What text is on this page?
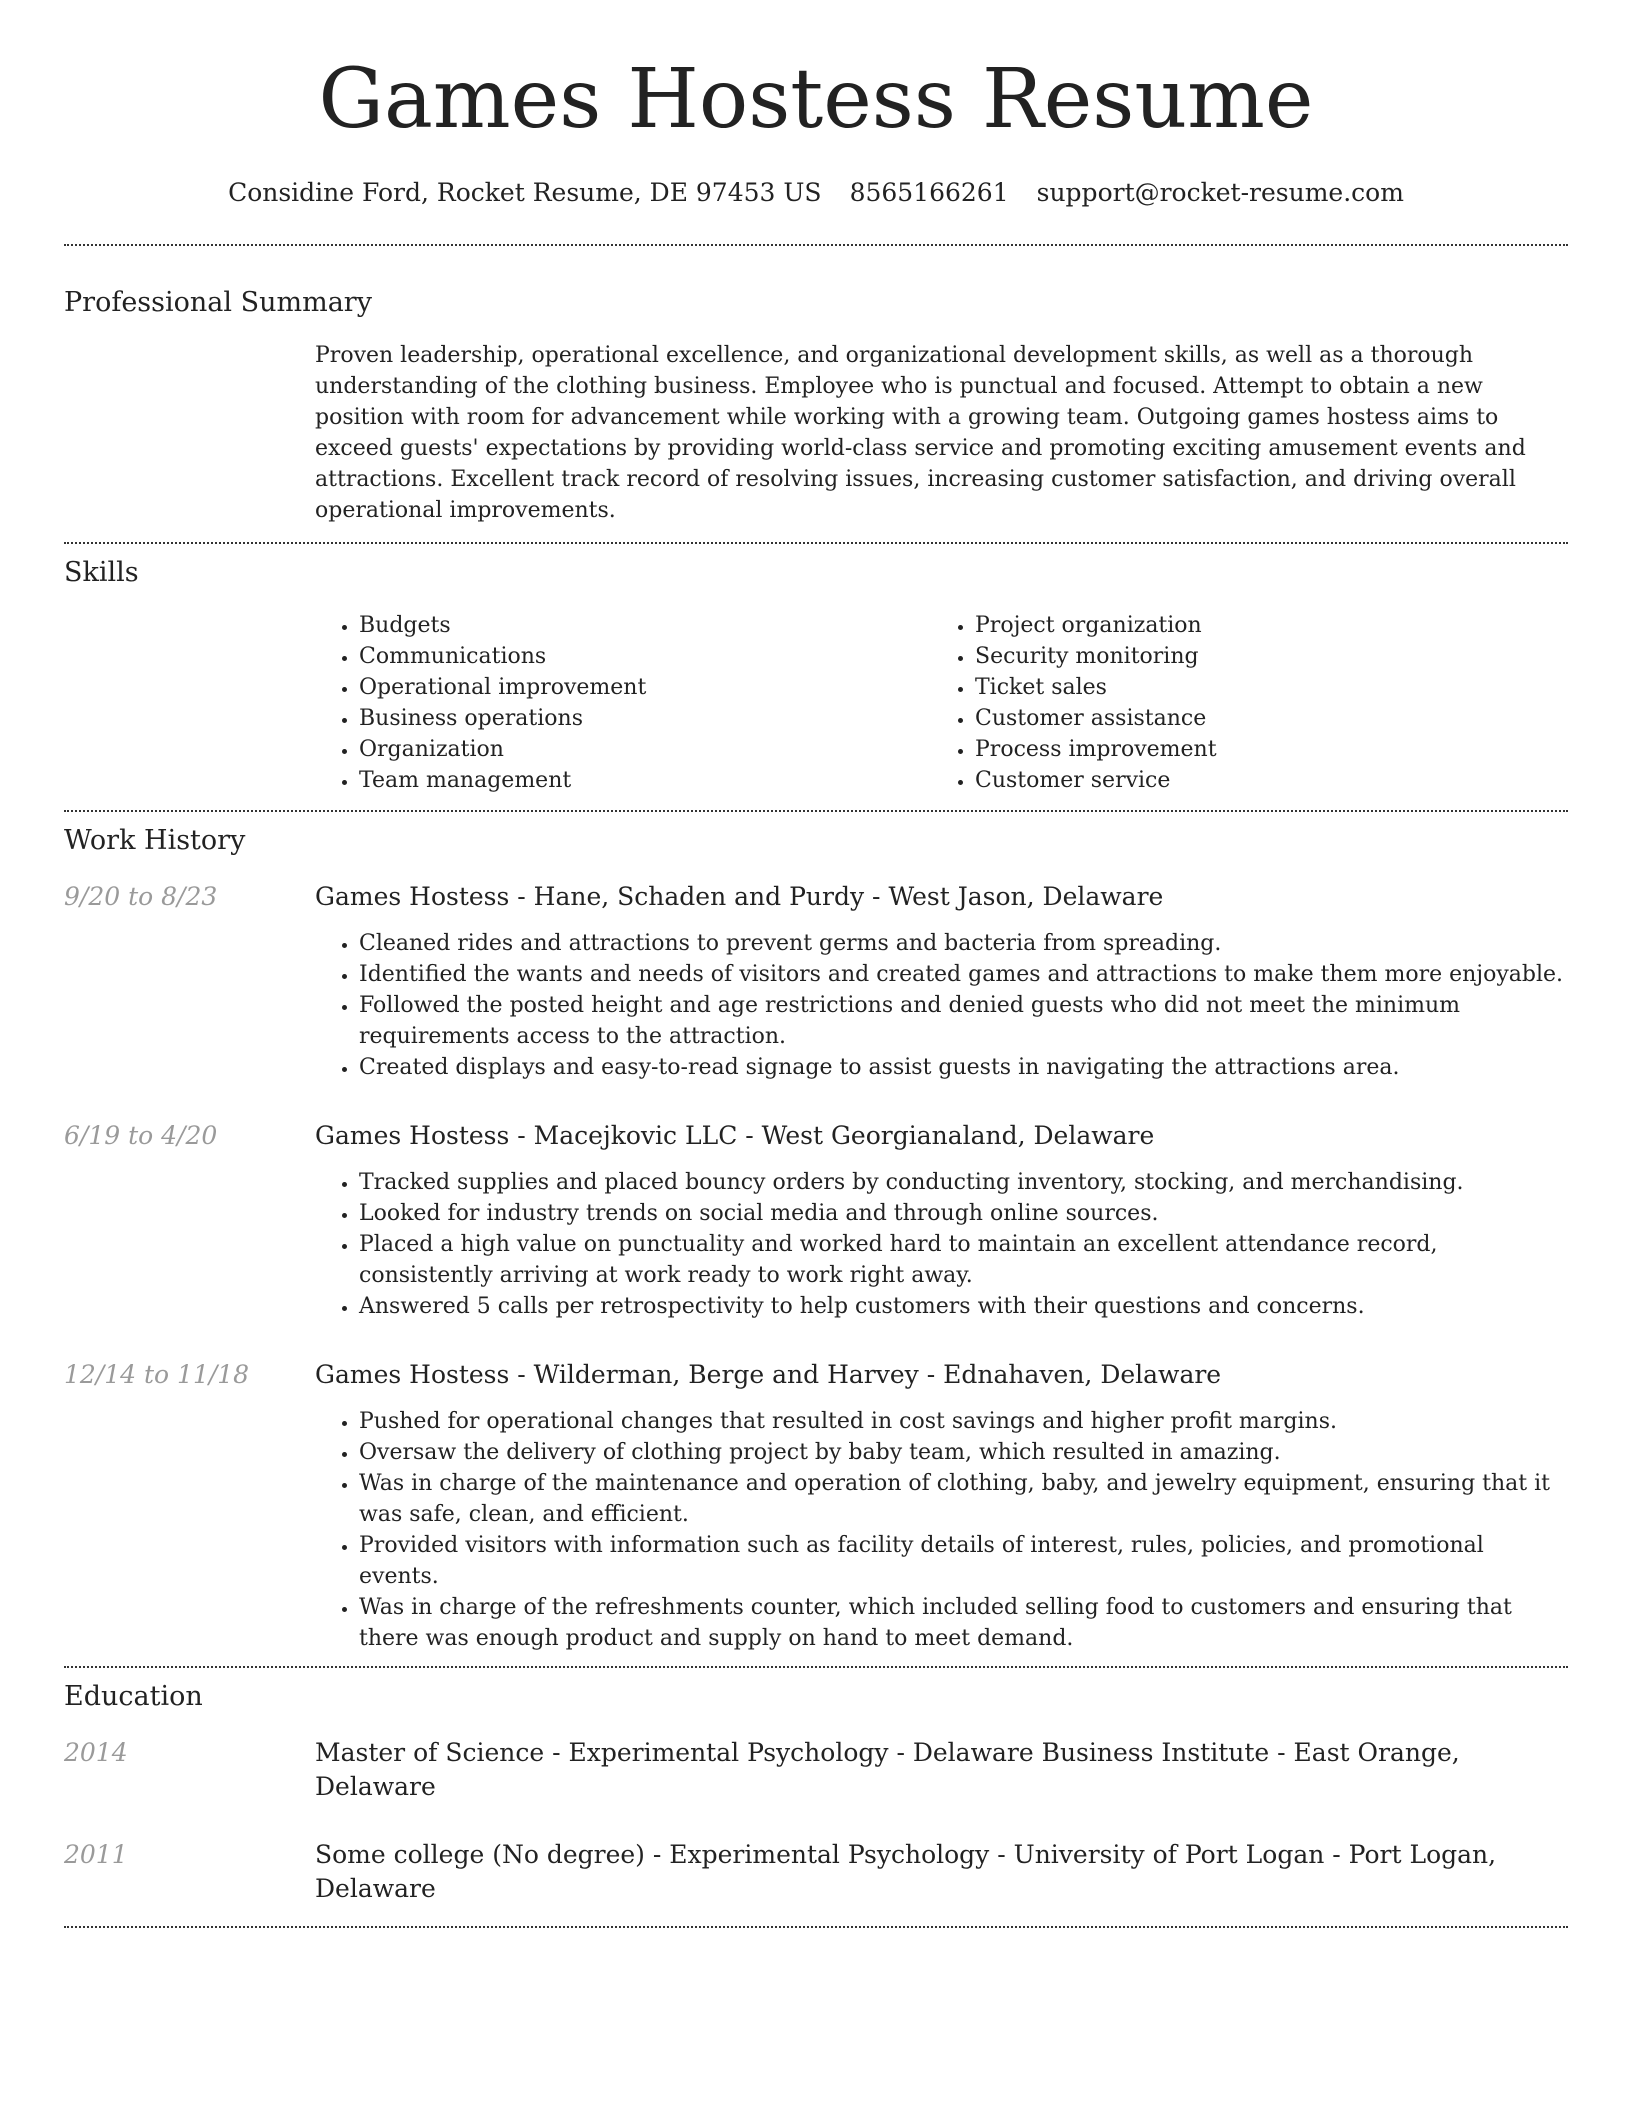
Games Hostess Resume
Considine Ford, Rocket Resume, DE 97453 US 8565166261 support@rocket-resume.com
Professional Summary
Proven leadership, operational excellence, and organizational development skills, as well as a thorough understanding of the clothing business. Employee who is punctual and focused. Attempt to obtain a new position with room for advancement while working with a growing team. Outgoing games hostess aims to exceed guests' expectations by providing world-class service and promoting exciting amusement events and attractions. Excellent track record of resolving issues, increasing customer satisfaction, and driving overall operational improvements.
Skills
• Budgets
• Communications
• Operational improvement
• Business operations
• Organization
• Team management
• Project organization
• Security monitoring
• Ticket sales
• Customer assistance
• Process improvement
• Customer service
Work History
9/20 to 8/23	Games Hostess - Hane, Schaden and Purdy - West Jason, Delaware
• Cleaned rides and attractions to prevent germs and bacteria from spreading.
• Identified the wants and needs of visitors and created games and attractions to make them more enjoyable.
• Followed the posted height and age restrictions and denied guests who did not meet the minimum requirements access to the attraction.
• Created displays and easy-to-read signage to assist guests in navigating the attractions area.
6/19 to 4/20	Games Hostess - Macejkovic LLC - West Georgianaland, Delaware
• Tracked supplies and placed bouncy orders by conducting inventory, stocking, and merchandising.
• Looked for industry trends on social media and through online sources.
• Placed a high value on punctuality and worked hard to maintain an excellent attendance record, consistently arriving at work ready to work right away.
• Answered 5 calls per retrospectivity to help customers with their questions and concerns.
12/14 to 11/18	Games Hostess - Wilderman, Berge and Harvey - Ednahaven, Delaware
• Pushed for operational changes that resulted in cost savings and higher profit margins.
• Oversaw the delivery of clothing project by baby team, which resulted in amazing.
• Was in charge of the maintenance and operation of clothing, baby, and jewelry equipment, ensuring that it was safe, clean, and efficient.
• Provided visitors with information such as facility details of interest, rules, policies, and promotional events.
• Was in charge of the refreshments counter, which included selling food to customers and ensuring that there was enough product and supply on hand to meet demand.
Education
2014	Master of Science - Experimental Psychology - Delaware Business Institute - East Orange, Delaware
2011	Some college (No degree) - Experimental Psychology - University of Port Logan - Port Logan, Delaware
